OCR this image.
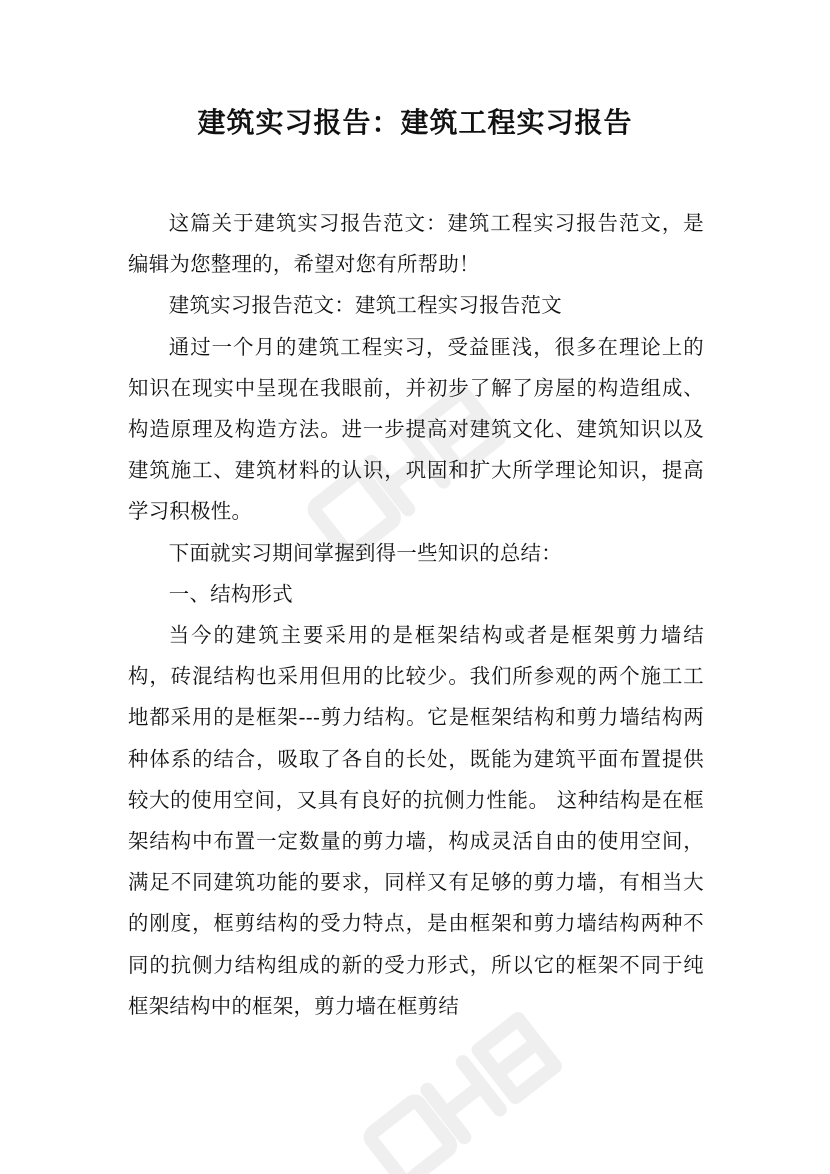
建筑实习报告：建筑工程实习报告

这篇关于建筑实习报告范文：建筑工程实习报告范文，是编辑为您整理的，希望对您有所帮助！

建筑实习报告范文：建筑工程实习报告范文

通过一个月的建筑工程实习，受益匪浅，很多在理论上的知识在现实中呈现在我眼前，并初步了解了房屋的构造组成、构造原理及构造方法。进一步提高对建筑文化、建筑知识以及建筑施工、建筑材料的认识，巩固和扩大所学理论知识，提高学习积极性。

下面就实习期间掌握到得一些知识的总结：

一、结构形式

当今的建筑主要采用的是框架结构或者是框架剪力墙结构，砖混结构也采用但用的比较少。我们所参观的两个施工工地都采用的是框架---剪力结构。它是框架结构和剪力墙结构两种体系的结合，吸取了各自的长处，既能为建筑平面布置提供较大的使用空间，又具有良好的抗侧力性能。 这种结构是在框架结构中布置一定数量的剪力墙，构成灵活自由的使用空间，满足不同建筑功能的要求，同样又有足够的剪力墙，有相当大的刚度，框剪结构的受力特点，是由框架和剪力墙结构两种不同的抗侧力结构组成的新的受力形式，所以它的框架不同于纯框架结构中的框架，剪力墙在框剪结
